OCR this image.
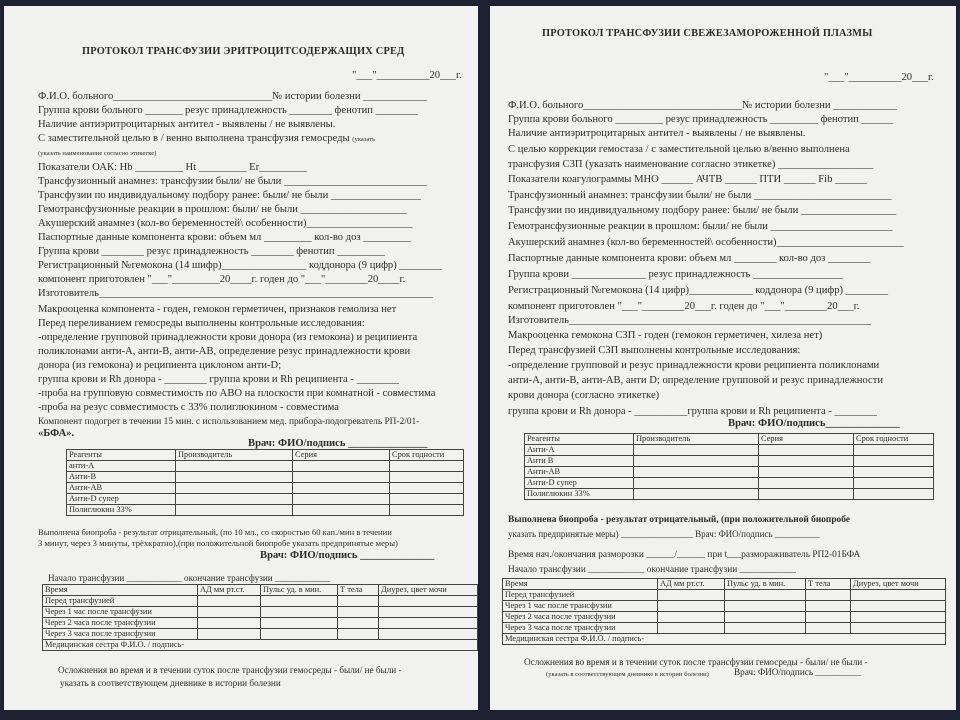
ПРОТОКОЛ ТРАНСФУЗИИ ЭРИТРОЦИТСОДЕРЖАЩИХ СРЕД
"___"__________20___г.
Ф.И.О. больного______________________________№ истории болезни ____________
Группа крови больного _______ резус принадлежность ________ фенотип ________
Наличие антиэритроцитарных антител - выявлены / не выявлены.
С заместительной целью в / венно выполнена трансфузия гемосреды (указать
(указать наименование согласно этикетке)
Показатели ОАК: Hb _________ Ht _________ Er_________
Трансфузионный анамнез: трансфузии были/ не были ___________________________
Трансфузии по индивидуальному подбору ранее: были/ не были _________________
Гемотрансфузионные реакции в прошлом: были/ не были ____________________
Акушерский анамнез (кол-во беременностей\ особенности)____________________
Паспортные данные компонента крови: объем мл _________ кол-во доз _________
Группа крови ________ резус принадлежность ________ фенотип _________
Регистрационный №гемокона (14 шифр)________________ коддонора (9 цифр) ________
компонент приготовлен "___"_________20____г. годен до "___"________20____г.
Изготовитель_______________________________________________________________
Макрооценка компонента - годен, гемокон герметичен, признаков гемолиза нет
Перед переливанием гемосреды выполнены контрольные исследования:
-определение групповой принадлежности крови донора (из гемокона) и реципиента
поликлонами анти-А, анти-В, анти-АВ, определение резус принадлежности крови
донора (из гемокона) и реципиента циклоном анти-D;
группа крови и Rh донора - ________ группа крови и Rh реципиента - ________
-проба на групповую совместимость по АВО на плоскости при комнатной - совместима
-проба на резус совместимость с 33% полиглюкином - совместима
Компонент подогрет в течении 15 мин. с использованием мед. прибора-подогреватель РП-2/01-
«БФА».
Врач: ФИО/подпись _______________
Реагенты	Производитель	Серия	Срок годности
анти-А			
Анти-В			
Анти-АВ			
Анти-D супер			
Полиглюкин 33%			
Выполнена биопроба - результат отрицательный, (по 10 мл., со скоростью 60 кап./мин в течении
3 минут, через 3 минуты, трёхкратно),(при положительной биопробе указать предпринятые меры)
Врач: ФИО/подпись ______________
Начало трансфузии ____________ окончание трансфузии ____________
Время	АД мм рт.ст.	Пульс уд. в мин.	Т тела	Диурез, цвет мочи
Перед трансфузией				
Через 1 час после трансфузии				
Через 2 часа после трансфузии				
Через 3 часа после трансфузии				
Медицинская сестра Ф.И.О. / подпись-				
Осложнения во время и в течении суток после трансфузии гемосреды - были/ не были -
указать в соответствующем дневнике в истории болезни
ПРОТОКОЛ ТРАНСФУЗИИ СВЕЖЕЗАМОРОЖЕННОЙ ПЛАЗМЫ
"___"__________20___г.
Ф.И.О. больного______________________________№ истории болезни ____________
Группа крови больного _________ резус принадлежность _________ фенотип ______
Наличие антиэритроцитарных антител - выявлены / не выявлены.
С целью коррекции гемостаза / с заместительной целью в/венно выполнена
трансфузия СЗП (указать наименование согласно этикетке) __________________
Показатели коагулограммы МНО ______ АЧТВ ______ ПТИ ______ Fib ______
Трансфузионный анамнез: трансфузии были/ не были __________________________
Трансфузии по индивидуальному подбору ранее: были/ не были __________________
Гемотрансфузионные реакции в прошлом: были/ не были _______________________
Акушерский анамнез (кол-во беременностей\ особенности)________________________
Паспортные данные компонента крови: объем мл ________ кол-во доз ________
Группа крови ______________ резус принадлежность _________________
Регистрационный №гемокона (14 цифр)____________ коддонора (9 цифр) ________
компонент приготовлен "___"________20___г. годен до "___"________20___г.
Изготовитель_________________________________________________________
Макрооценка гемокона СЗП - годен (гемокон герметичен, хилеза нет)
Перед трансфузией СЗП выполнены контрольные исследования:
-определение групповой и резус принадлежности крови реципиента поликлонами
анти-А, анти-В, анти-АВ, анти D; определение групповой и резус принадлежности
крови донора (согласно этикетке)
группа крови и Rh донора - __________группа крови и Rh реципиента - ________
Врач: ФИО/подпись______________
Реагенты	Производитель	Серия	Срок годности
Анти-А			
Анти В			
Анти-АВ			
Анти-D супер			
Полиглюкин 33%			
Выполнена биопроба - результат отрицательный, (при положительной биопробе
указать предпринятые меры) ________________ Врач: ФИО/подпись __________
Время нач./окончания разморозки ______/______ при t___размораживатель РП2-01БФА
Начало трансфузии ____________ окончание трансфузии ____________
Время	АД мм рт.ст.	Пульс уд. в мин.	Т тела	Диурез, цвет мочи
Перед трансфузией				
Через 1 час после трансфузии				
Через 2 часа после трансфузии				
Через 3 часа после трансфузии				
Медицинская сестра Ф.И.О. / подпись-				
Осложнения во время и в течении суток после трансфузии гемосреды - были/ не были -
(указать в соответствующем дневнике в истории болезни)	Врач: ФИО/подпись __________
